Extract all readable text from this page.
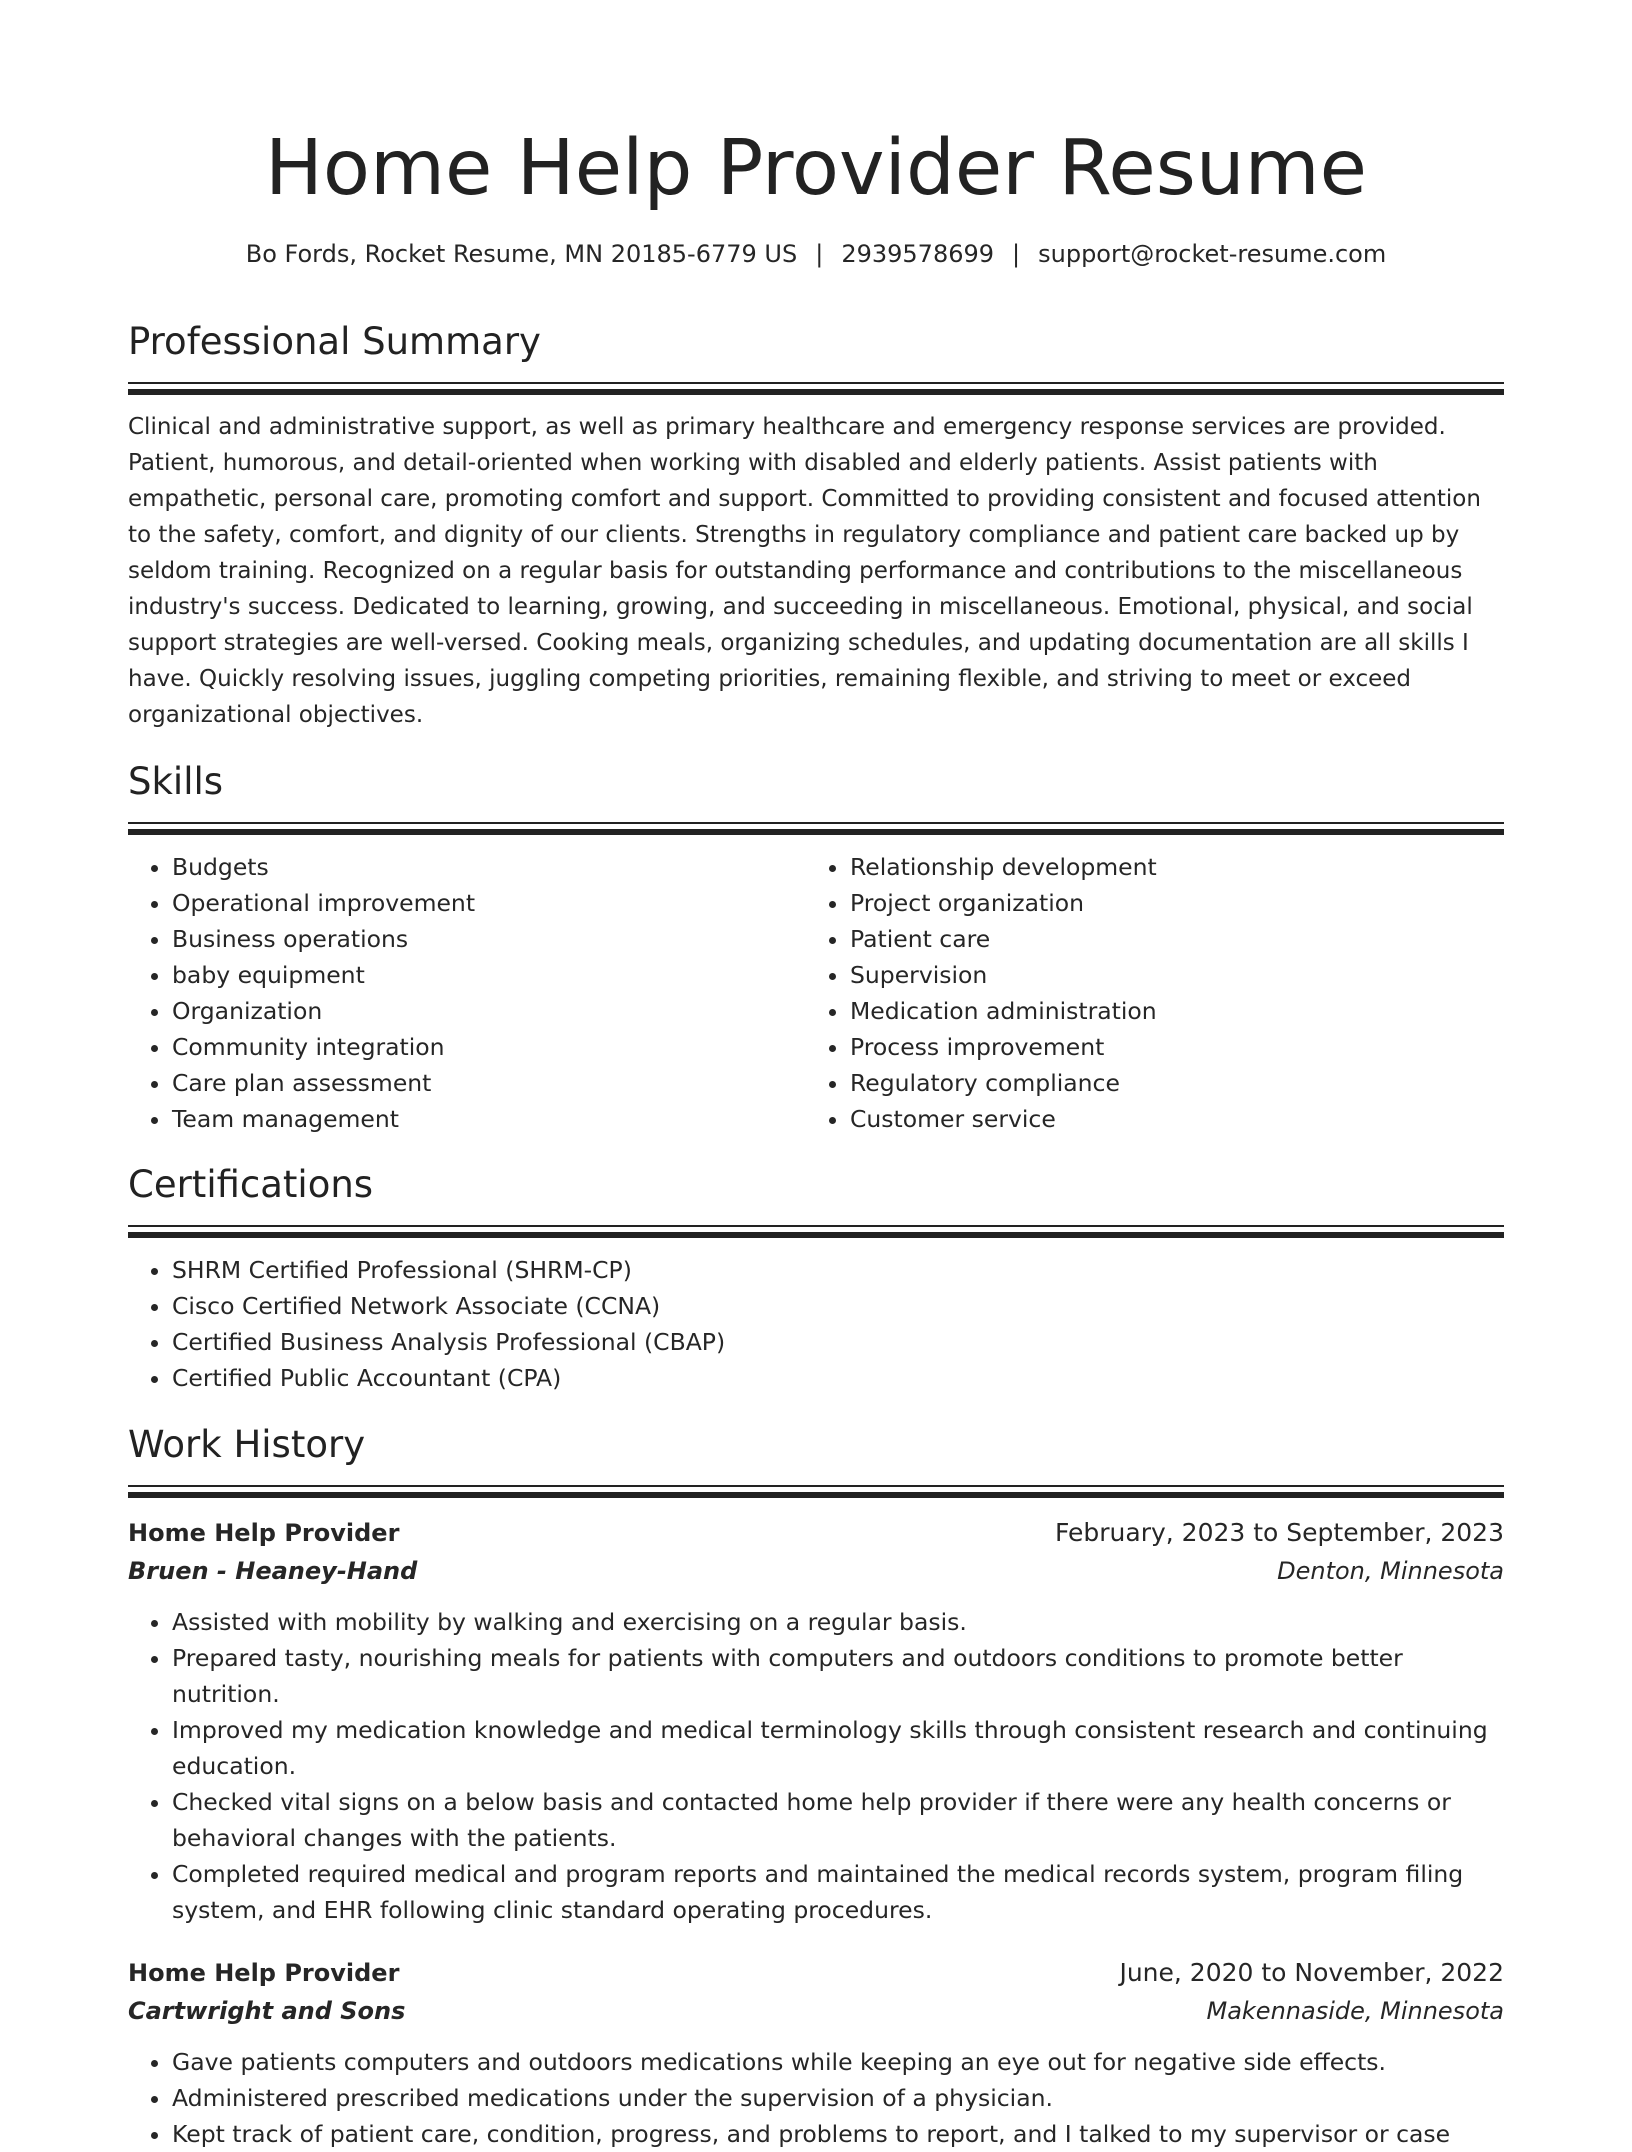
Home Help Provider Resume
Bo Fords, Rocket Resume, MN 20185-6779 US | 2939578699 | support@rocket-resume.com
Professional Summary

Clinical and administrative support, as well as primary healthcare and emergency response services are provided. Patient, humorous, and detail-oriented when working with disabled and elderly patients. Assist patients with empathetic, personal care, promoting comfort and support. Committed to providing consistent and focused attention to the safety, comfort, and dignity of our clients. Strengths in regulatory compliance and patient care backed up by seldom training. Recognized on a regular basis for outstanding performance and contributions to the miscellaneous industry's success. Dedicated to learning, growing, and succeeding in miscellaneous. Emotional, physical, and social support strategies are well-versed. Cooking meals, organizing schedules, and updating documentation are all skills I have. Quickly resolving issues, juggling competing priorities, remaining flexible, and striving to meet or exceed organizational objectives.

Skills
• Budgets
• Operational improvement
• Business operations
• baby equipment
• Organization
• Community integration
• Care plan assessment
• Team management
• Relationship development
• Project organization
• Patient care
• Supervision
• Medication administration
• Process improvement
• Regulatory compliance
• Customer service
Certifications
• SHRM Certified Professional (SHRM-CP)
• Cisco Certified Network Associate (CCNA)
• Certified Business Analysis Professional (CBAP)
• Certified Public Accountant (CPA)
Work History
Home Help Provider	February, 2023 to September, 2023
Bruen - Heaney-Hand	Denton, Minnesota
• Assisted with mobility by walking and exercising on a regular basis.
• Prepared tasty, nourishing meals for patients with computers and outdoors conditions to promote better nutrition.
• Improved my medication knowledge and medical terminology skills through consistent research and continuing education.
• Checked vital signs on a below basis and contacted home help provider if there were any health concerns or behavioral changes with the patients.
• Completed required medical and program reports and maintained the medical records system, program filing system, and EHR following clinic standard operating procedures.
Home Help Provider	June, 2020 to November, 2022
Cartwright and Sons	Makennaside, Minnesota
• Gave patients computers and outdoors medications while keeping an eye out for negative side effects.
• Administered prescribed medications under the supervision of a physician.
• Kept track of patient care, condition, progress, and problems to report, and I talked to my supervisor or case
